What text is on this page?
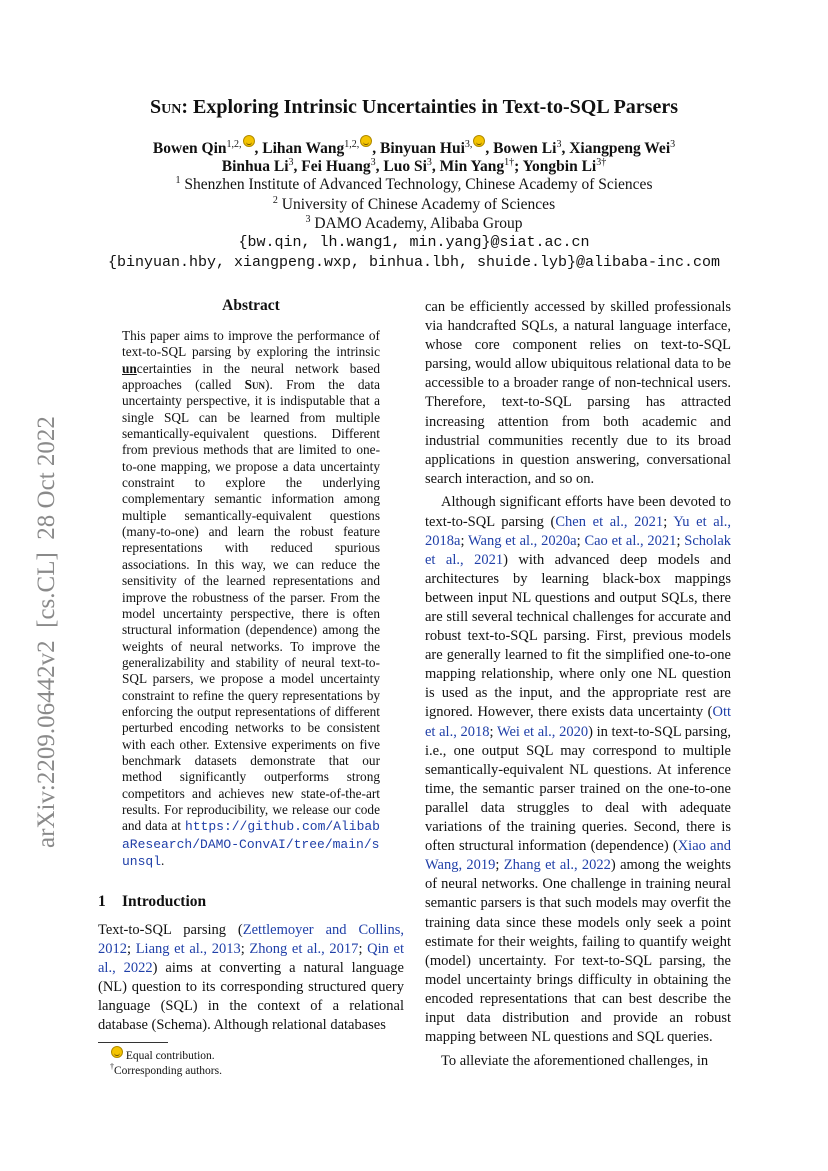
arXiv:2209.06442v2  [cs.CL]  28 Oct 2022
Sun: Exploring Intrinsic Uncertainties in Text-to-SQL Parsers
Bowen Qin$^{1,2,}$ , Lihan Wang$^{1,2,}$ , Binyuan Hui$^{3,}$ , Bowen Li$^3$, Xiangpeng Wei$^3$
Binhua Li$^3$, Fei Huang$^3$, Luo Si$^3$, Min Yang$^{1\dagger}$; Yongbin $Li^{3\dagger}$
$^1$ Shenzhen Institute of Advanced Technology, Chinese Academy of Sciences
$^2$ University of Chinese Academy of Sciences
$^3$ DAMO Academy, Alibaba Group
{bw.qin, lh.wang1, min.yang}@siat.ac.cn
{binyuan.hby, xiangpeng.wxp, binhua.lbh, shuide.lyb}@alibaba-inc.com
Abstract
This paper aims to improve the performance of text-to-SQL parsing by exploring the intrinsic uncertainties in the neural network based approaches (called Sun). From the data uncertainty perspective, it is indisputable that a single SQL can be learned from multiple semantically-equivalent questions. Different from previous methods that are limited to one-to-one mapping, we propose a data uncertainty constraint to explore the underlying complementary semantic information among multiple semantically-equivalent questions (many-to-one) and learn the robust feature representations with reduced spurious associations. In this way, we can reduce the sensitivity of the learned representations and improve the robustness of the parser. From the model uncertainty perspective, there is often structural information (dependence) among the weights of neural networks. To improve the generalizability and stability of neural text-to-SQL parsers, we propose a model uncertainty constraint to refine the query representations by enforcing the output representations of different perturbed encoding networks to be consistent with each other. Extensive experiments on five benchmark datasets demonstrate that our method significantly outperforms strong competitors and achieves new state-of-the-art results. For reproducibility, we release our code and data at https://github.com/AlibabaResearch/DAMO-ConvAI/tree/main/sunsql.
1 Introduction
Text-to-SQL parsing (Zettlemoyer and Collins, 2012; Liang et al., 2013; Zhong et al., 2017; Qin et al., 2022) aims at converting a natural language (NL) question to its corresponding structured query language (SQL) in the context of a relational database (Schema). Although relational databases
Equal contribution.
†Corresponding authors.

can be efficiently accessed by skilled professionals via handcrafted SQLs, a natural language interface, whose core component relies on text-to-SQL parsing, would allow ubiquitous relational data to be accessible to a broader range of non-technical users. Therefore, text-to-SQL parsing has attracted increasing attention from both academic and industrial communities recently due to its broad applications in question answering, conversational search interaction, and so on.

Although significant efforts have been devoted to text-to-SQL parsing (Chen et al., 2021; Yu et al., 2018a; Wang et al., 2020a; Cao et al., 2021; Scholak et al., 2021) with advanced deep models and architectures by learning black-box mappings between input NL questions and output SQLs, there are still several technical challenges for accurate and robust text-to-SQL parsing. First, previous models are generally learned to fit the simplified one-to-one mapping relationship, where only one NL question is used as the input, and the appropriate rest are ignored. However, there exists data uncertainty (Ott et al., 2018; Wei et al., 2020) in text-to-SQL parsing, i.e., one output SQL may correspond to multiple semantically-equivalent NL questions. At inference time, the semantic parser trained on the one-to-one parallel data struggles to deal with adequate variations of the training queries. Second, there is often structural information (dependence) (Xiao and Wang, 2019; Zhang et al., 2022) among the weights of neural networks. One challenge in training neural semantic parsers is that such models may overfit the training data since these models only seek a point estimate for their weights, failing to quantify weight (model) uncertainty. For text-to-SQL parsing, the model uncertainty brings difficulty in obtaining the encoded representations that can best describe the input data distribution and provide an robust mapping between NL questions and SQL queries.

To alleviate the aforementioned challenges, in
